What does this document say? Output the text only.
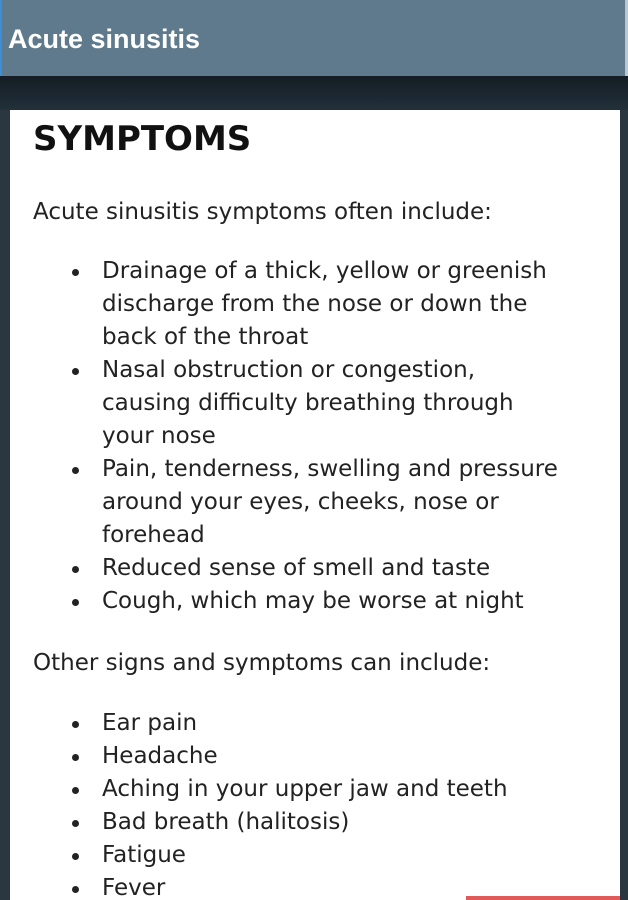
Acute sinusitis
SYMPTOMS

Acute sinusitis symptoms often include:

Drainage of a thick, yellow or greenish
discharge from the nose or down the
back of the throat
Nasal obstruction or congestion,
causing difficulty breathing through
your nose
Pain, tenderness, swelling and pressure
around your eyes, cheeks, nose or
forehead
Reduced sense of smell and taste
Cough, which may be worse at night

Other signs and symptoms can include:

Ear pain
Headache
Aching in your upper jaw and teeth
Bad breath (halitosis)
Fatigue
Fever
